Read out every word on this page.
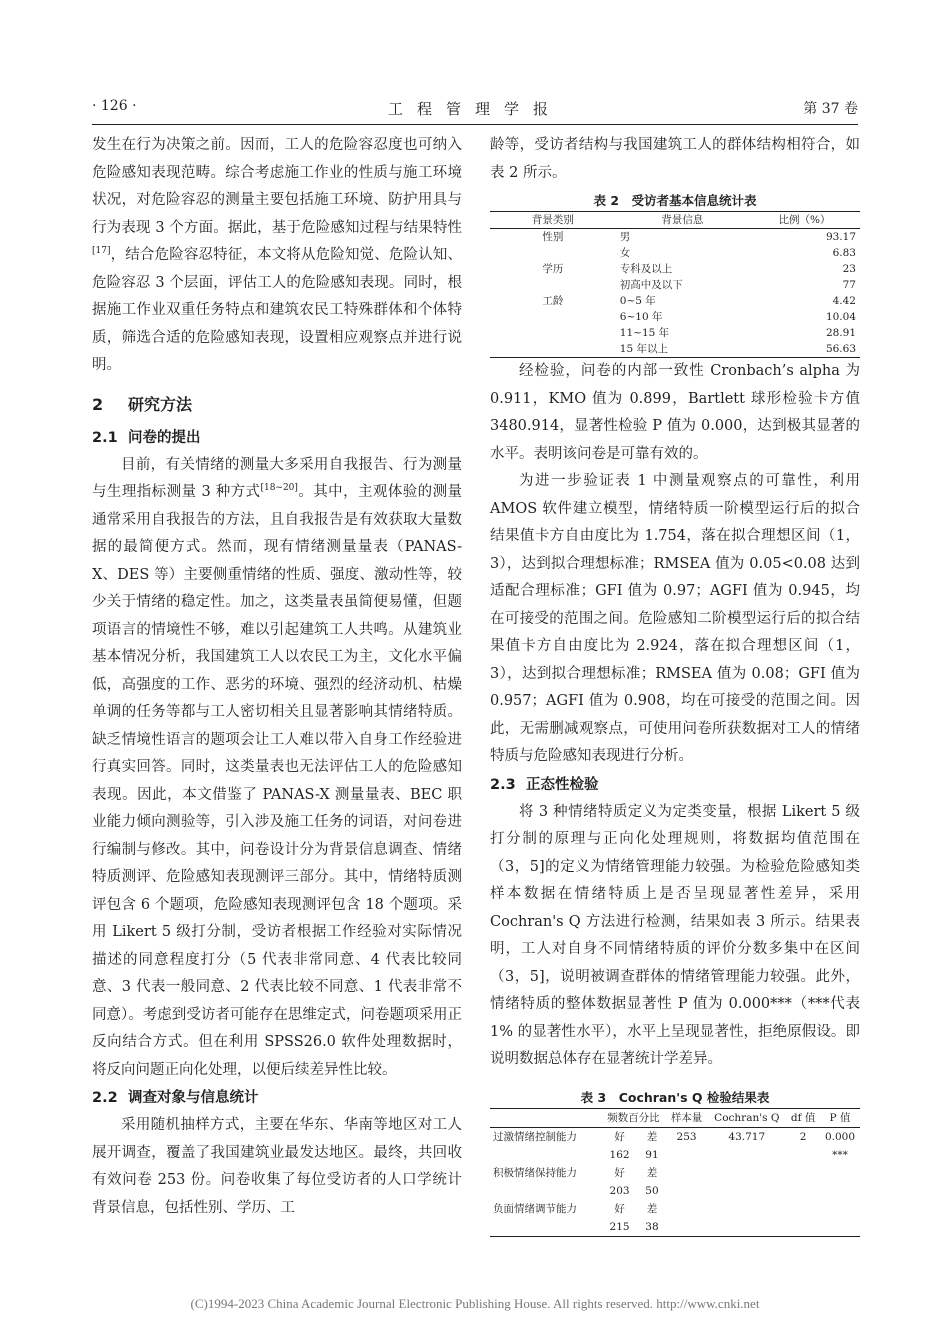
· 126 ·	工程管理学报	第 37 卷

发生在行为决策之前。因而，工人的危险容忍度也可纳入危险感知表现范畴。综合考虑施工作业的性质与施工环境状况，对危险容忍的测量主要包括施工环境、防护用具与行为表现 3 个方面。据此，基于危险感知过程与结果特性[17]，结合危险容忍特征，本文将从危险知觉、危险认知、危险容忍 3 个层面，评估工人的危险感知表现。同时，根据施工作业双重任务特点和建筑农民工特殊群体和个体特质，筛选合适的危险感知表现，设置相应观察点并进行说明。

2 研究方法
2.1 问卷的提出

目前，有关情绪的测量大多采用自我报告、行为测量与生理指标测量 3 种方式[18~20]。其中，主观体验的测量通常采用自我报告的方法，且自我报告是有效获取大量数据的最简便方式。然而，现有情绪测量量表（PANAS-X、DES 等）主要侧重情绪的性质、强度、激动性等，较少关于情绪的稳定性。加之，这类量表虽简便易懂，但题项语言的情境性不够，难以引起建筑工人共鸣。从建筑业基本情况分析，我国建筑工人以农民工为主，文化水平偏低，高强度的工作、恶劣的环境、强烈的经济动机、枯燥单调的任务等都与工人密切相关且显著影响其情绪特质。缺乏情境性语言的题项会让工人难以带入自身工作经验进行真实回答。同时，这类量表也无法评估工人的危险感知表现。因此，本文借鉴了 PANAS-X 测量量表、BEC 职业能力倾向测验等，引入涉及施工任务的词语，对问卷进行编制与修改。其中，问卷设计分为背景信息调查、情绪特质测评、危险感知表现测评三部分。其中，情绪特质测评包含 6 个题项，危险感知表现测评包含 18 个题项。采用 Likert 5 级打分制，受访者根据工作经验对实际情况描述的同意程度打分（5 代表非常同意、4 代表比较同意、3 代表一般同意、2 代表比较不同意、1 代表非常不同意）。考虑到受访者可能存在思维定式，问卷题项采用正反向结合方式。但在利用 SPSS26.0 软件处理数据时，将反向问题正向化处理，以便后续差异性比较。

2.2 调查对象与信息统计

采用随机抽样方式，主要在华东、华南等地区对工人展开调查，覆盖了我国建筑业最发达地区。最终，共回收有效问卷 253 份。问卷收集了每位受访者的人口学统计背景信息，包括性别、学历、工

龄等，受访者结构与我国建筑工人的群体结构相符合，如表 2 所示。

表 2　受访者基本信息统计表
背景类别	背景信息	比例（%）
性别	男	93.17
	女	6.83
学历	专科及以上	23
	初高中及以下	77
工龄	0~5 年	4.42
	6~10 年	10.04
	11~15 年	28.91
	15 年以上	56.63

经检验，问卷的内部一致性 Cronbach’s alpha 为 0.911，KMO 值为 0.899，Bartlett 球形检验卡方值 3480.914，显著性检验 P 值为 0.000，达到极其显著的水平。表明该问卷是可靠有效的。

为进一步验证表 1 中测量观察点的可靠性，利用 AMOS 软件建立模型，情绪特质一阶模型运行后的拟合结果值卡方自由度比为 1.754，落在拟合理想区间（1，3），达到拟合理想标准；RMSEA 值为 0.05<0.08 达到适配合理标准；GFI 值为 0.97；AGFI 值为 0.945，均在可接受的范围之间。危险感知二阶模型运行后的拟合结果值卡方自由度比为 2.924，落在拟合理想区间（1，3），达到拟合理想标准；RMSEA 值为 0.08；GFI 值为 0.957；AGFI 值为 0.908，均在可接受的范围之间。因此，无需删减观察点，可使用问卷所获数据对工人的情绪特质与危险感知表现进行分析。

2.3 正态性检验

将 3 种情绪特质定义为定类变量，根据 Likert 5 级打分制的原理与正向化处理规则，将数据均值范围在（3，5]的定义为情绪管理能力较强。为检验危险感知类样本数据在情绪特质上是否呈现显著性差异，采用 Cochran's Q 方法进行检测，结果如表 3 所示。结果表明，工人对自身不同情绪特质的评价分数多集中在区间（3，5]，说明被调查群体的情绪管理能力较强。此外，情绪特质的整体数据显著性 P 值为 0.000***（***代表 1% 的显著性水平），水平上呈现显著性，拒绝原假设。即说明数据总体存在显著统计学差异。

表 3　Cochran's Q 检验结果表
	频数百分比		样本量	Cochran's Q	df 值	P 值
过激情绪控制能力	好	差	253	43.717	2	0.000
	162	91				***
积极情绪保持能力	好	差				
	203	50				
负面情绪调节能力	好	差				
	215	38				
(C)1994-2023 China Academic Journal Electronic Publishing House. All rights reserved. http://www.cnki.net
